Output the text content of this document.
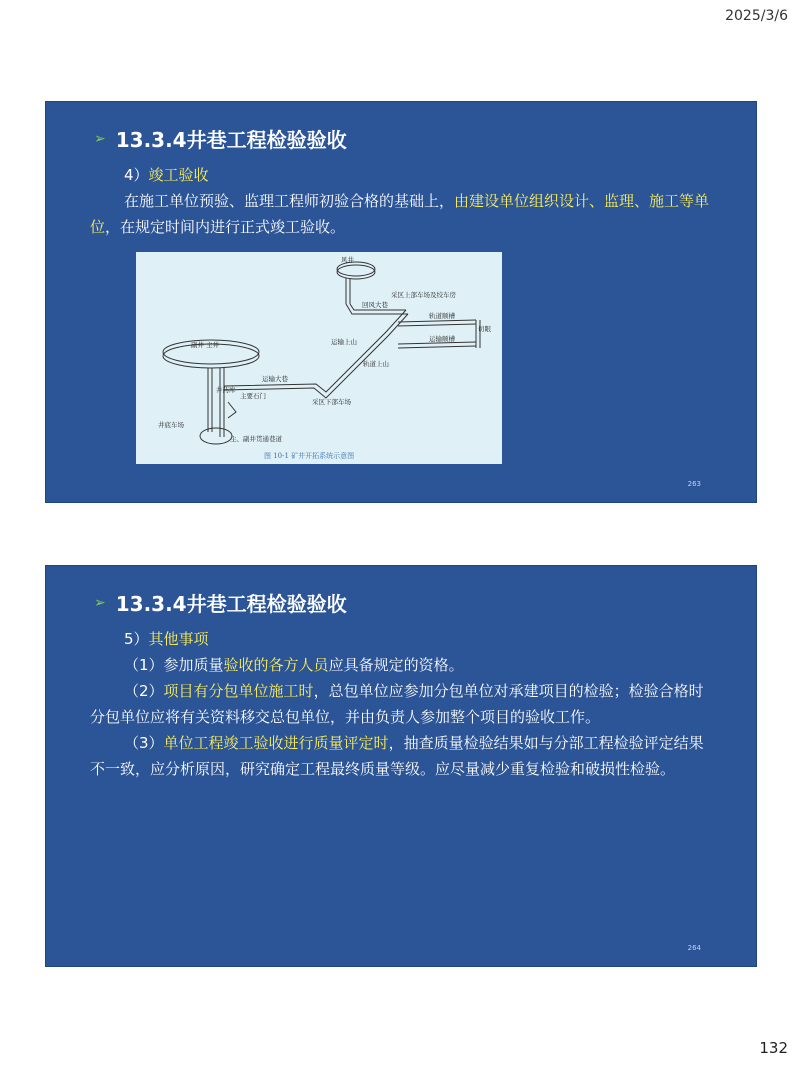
2025/3/6
➢ 13.3.4井巷工程检验验收

4）竣工验收

在施工单位预验、监理工程师初验合格的基础上，由建设单位组织设计、监理、施工等单位，在规定时间内进行正式竣工验收。

风井
采区上部车场及绞车房
回风大巷
轨道顺槽
切眼
运输上山	运输顺槽
轨道上山
副井 主井
运输大巷
井药库
主要石门
采区下部车场
井底车场
主、副井贯通巷道
图 10-1 矿井开拓系统示意图
263
➢ 13.3.4井巷工程检验验收

5）其他事项

（1）参加质量验收的各方人员应具备规定的资格。

（2）项目有分包单位施工时，总包单位应参加分包单位对承建项目的检验；检验合格时分包单位应将有关资料移交总包单位，并由负责人参加整个项目的验收工作。

（3）单位工程竣工验收进行质量评定时，抽查质量检验结果如与分部工程检验评定结果不一致，应分析原因，研究确定工程最终质量等级。应尽量减少重复检验和破损性检验。

264
132
